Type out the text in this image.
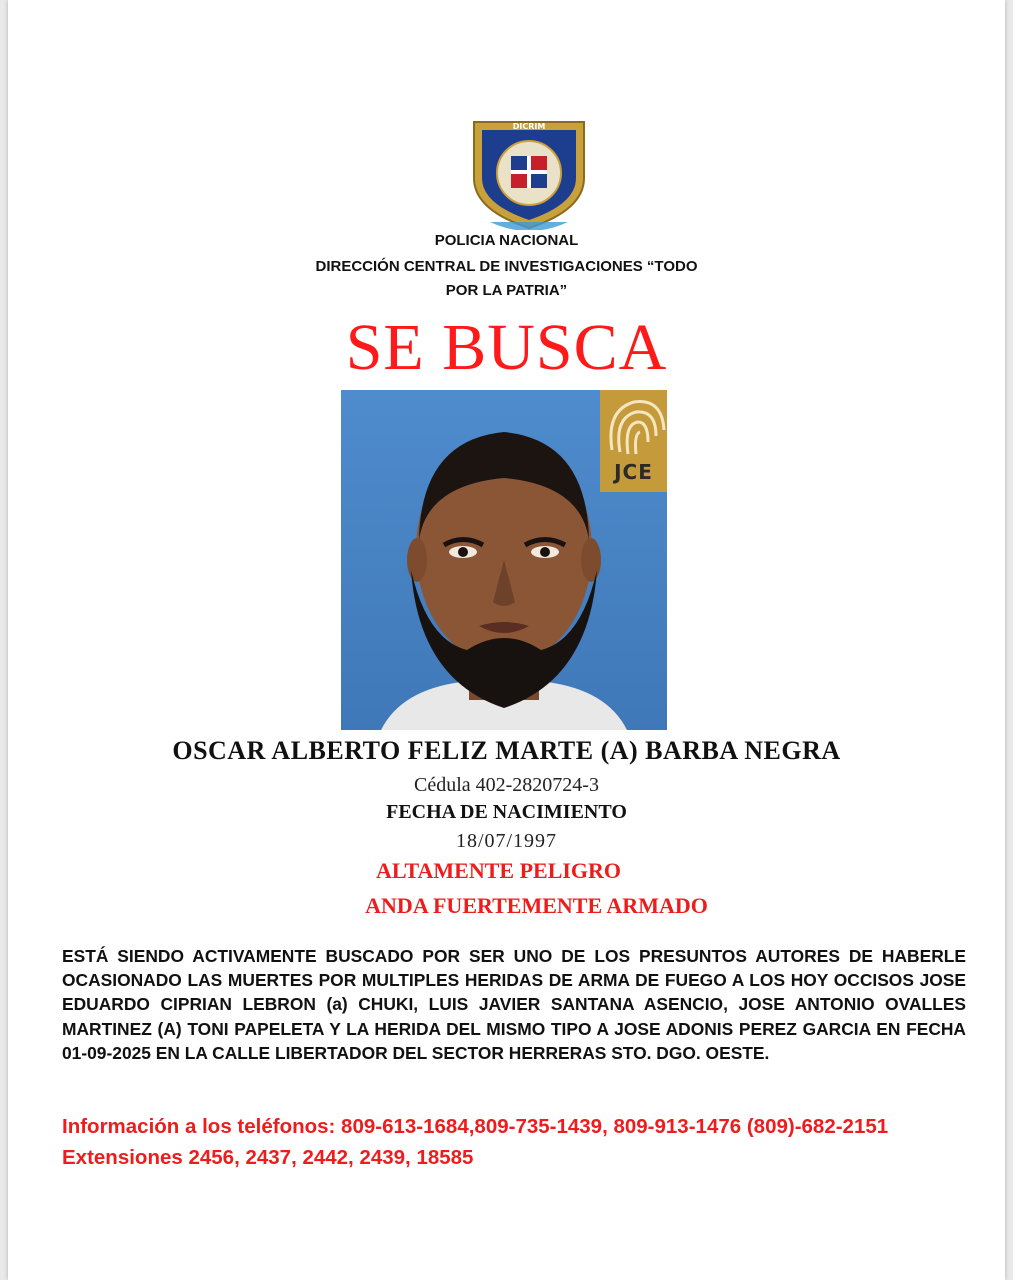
DICRIM
POLICIA NACIONAL
DIRECCIÓN CENTRAL DE INVESTIGACIONES “TODO
POR LA PATRIA”
SE BUSCA
JCE
OSCAR ALBERTO FELIZ MARTE (A) BARBA NEGRA
Cédula 402-2820724-3
FECHA DE NACIMIENTO
18/07/1997
ALTAMENTE PELIGRO
ANDA FUERTEMENTE ARMADO
ESTÁ SIENDO ACTIVAMENTE BUSCADO POR SER UNO DE LOS PRESUNTOS AUTORES DE HABERLE OCASIONADO LAS MUERTES POR MULTIPLES HERIDAS DE ARMA DE FUEGO A LOS HOY OCCISOS JOSE EDUARDO CIPRIAN LEBRON (a) CHUKI, LUIS JAVIER SANTANA ASENCIO, JOSE ANTONIO OVALLES MARTINEZ (A) TONI PAPELETA Y LA HERIDA DEL MISMO TIPO A JOSE ADONIS PEREZ GARCIA EN FECHA 01-09-2025 EN LA CALLE LIBERTADOR DEL SECTOR HERRERAS STO. DGO. OESTE.
Información a los teléfonos: 809-613-1684,809-735-1439, 809-913-1476 (809)-682-2151 Extensiones 2456, 2437, 2442, 2439, 18585
